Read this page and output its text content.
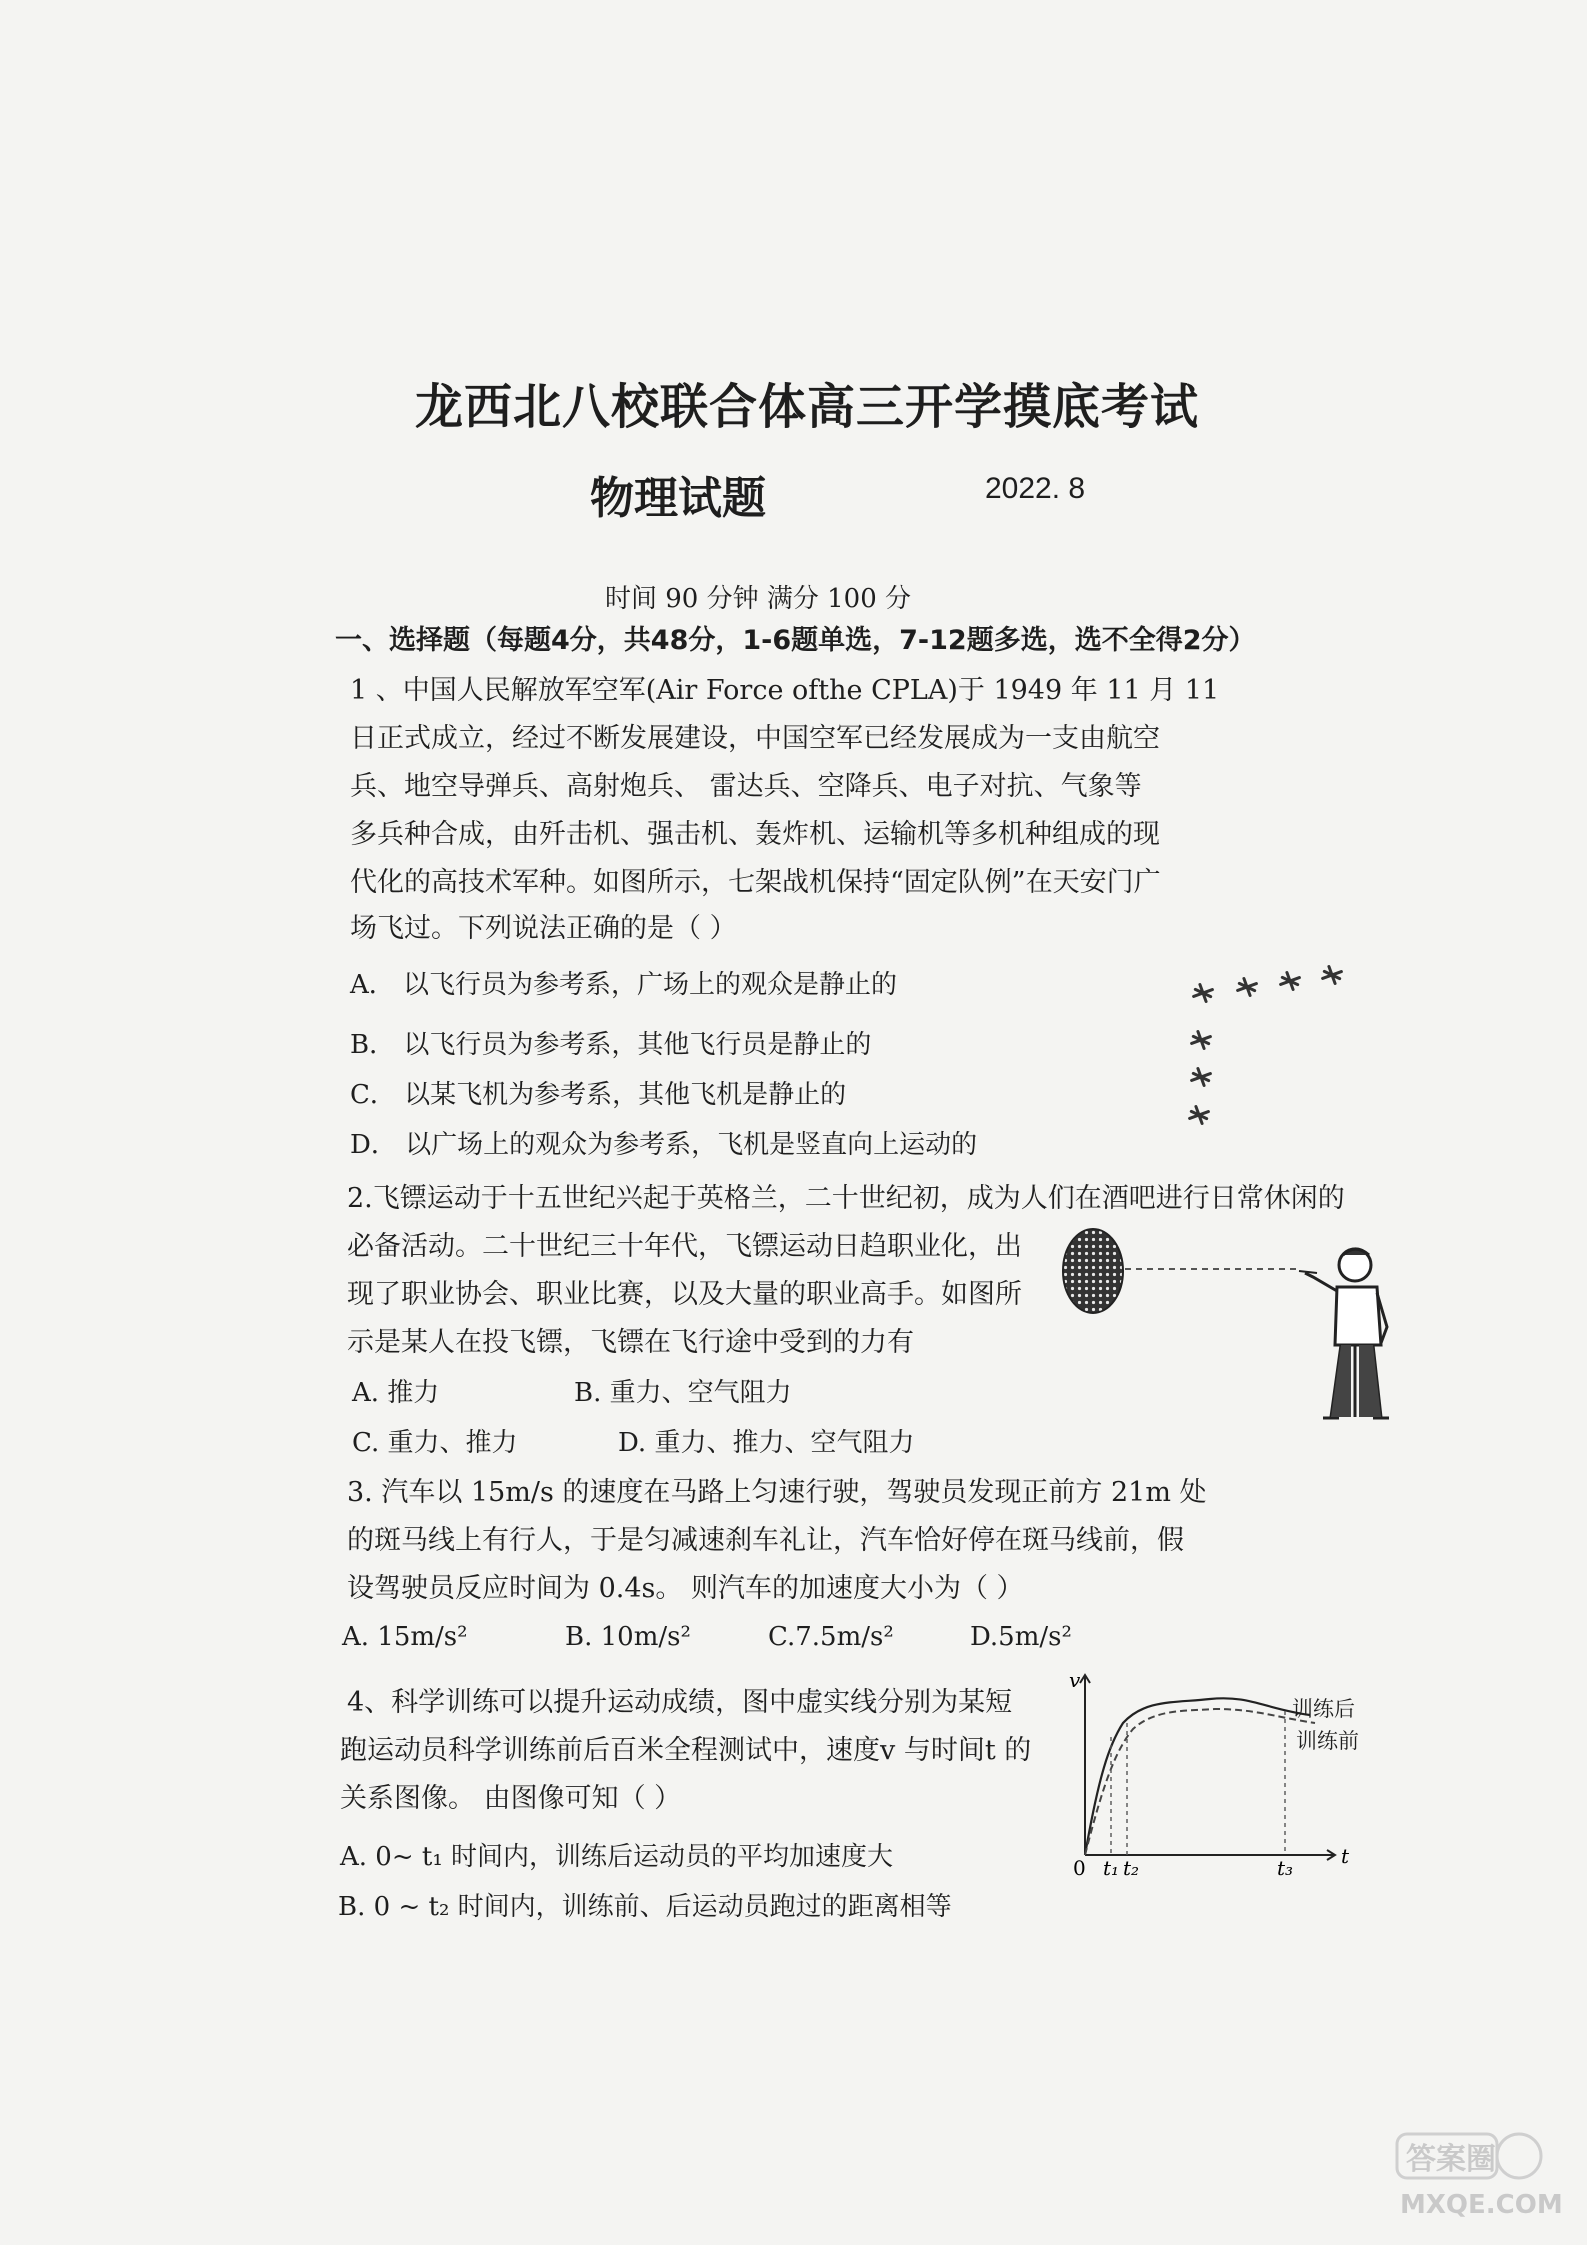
龙西北八校联合体高三开学摸底考试
物理试题	2022. 8
时间 90 分钟 满分 100 分
一、选择题（每题4分，共48分，1-6题单选，7-12题多选，选不全得2分）
1 、中国人民解放军空军(Air Force ofthe CPLA)于 1949 年 11 月 11
日正式成立，经过不断发展建设，中国空军已经发展成为一支由航空
兵、地空导弹兵、高射炮兵、 雷达兵、空降兵、电子对抗、气象等
多兵种合成，由歼击机、强击机、轰炸机、运输机等多机种组成的现
代化的高技术军种。如图所示，七架战机保持“固定队例”在天安门广
场飞过。下列说法正确的是（ ）
A． 以飞行员为参考系，广场上的观众是静止的
B． 以飞行员为参考系，其他飞行员是静止的
C． 以某飞机为参考系，其他飞机是静止的
D． 以广场上的观众为参考系，飞机是竖直向上运动的
2.飞镖运动于十五世纪兴起于英格兰，二十世纪初，成为人们在酒吧进行日常休闲的
必备活动。二十世纪三十年代，飞镖运动日趋职业化，出
现了职业协会、职业比赛，以及大量的职业高手。如图所
示是某人在投飞镖，飞镖在飞行途中受到的力有
A. 推力	B. 重力、空气阻力
C. 重力、推力	D. 重力、推力、空气阻力
3. 汽车以 15m/s 的速度在马路上匀速行驶，驾驶员发现正前方 21m 处
的斑马线上有行人，于是匀减速刹车礼让，汽车恰好停在斑马线前，假
设驾驶员反应时间为 0.4s。 则汽车的加速度大小为（ ）
A. 15m/s²	B. 10m/s²	C.7.5m/s²	D.5m/s²
4、科学训练可以提升运动成绩，图中虚实线分别为某短
跑运动员科学训练前后百米全程测试中，速度v 与时间t 的
关系图像。 由图像可知（ ）
A. 0~ t₁ 时间内，训练后运动员的平均加速度大
B. 0 ~ t₂ 时间内，训练前、后运动员跑过的距离相等
v
t
0 t₁ t₂	t₃
训练后
训练前
答案圈
MXQE.COM
